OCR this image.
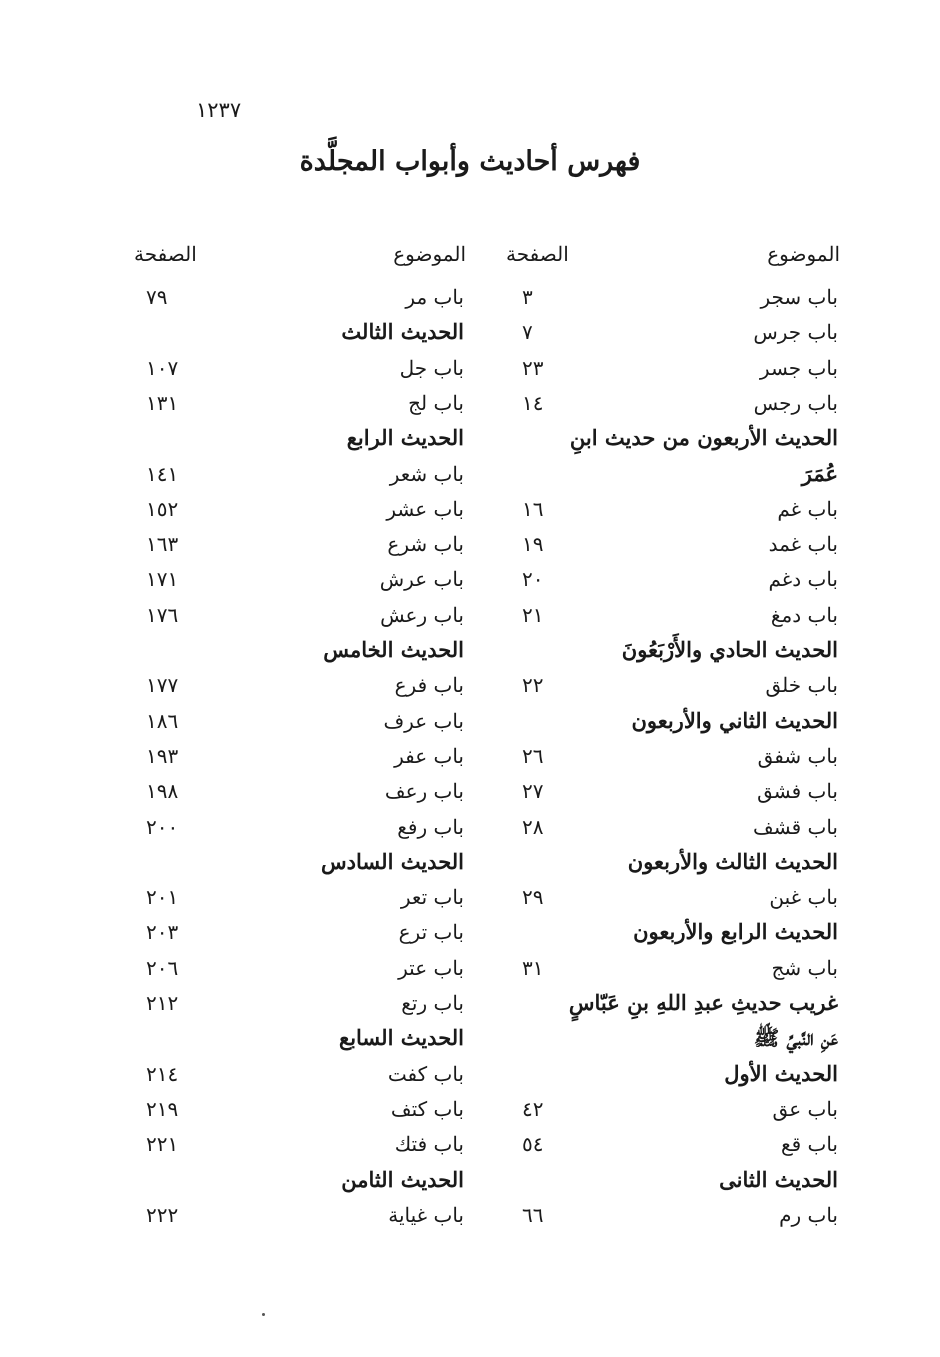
١٢٣٧
فهرس أحاديث وأبواب المجلَّدة
الموضوع
الصفحة
الموضوع
الصفحة
باب سجر
٣
باب جرس
٧
باب جسر
٢٣
باب رجس
١٤
الحديث الأربعون من حديث ابنِ
عُمَرَ
باب غم
١٦
باب غمد
١٩
باب دغم
٢٠
باب دمغ
٢١
الحديث الحادي والأَرْبَعُونَ
باب خلق
٢٢
الحديث الثاني والأربعون
باب شفق
٢٦
باب فشق
٢٧
باب قشف
٢٨
الحديث الثالث والأربعون
باب غبن
٢٩
الحديث الرابع والأربعون
باب شج
٣١
غريب حديثِ عبدِ اللهِ بنِ عَبّاسٍ
عَنِ النَّبيِّ ﷺ
الحديث الأول
باب عق
٤٢
باب قع
٥٤
الحديث الثانى
باب رم
٦٦
باب مر
٧٩
الحديث الثالث
باب جل
١٠٧
باب لج
١٣١
الحديث الرابع
باب شعر
١٤١
باب عشر
١٥٢
باب شرع
١٦٣
باب عرش
١٧١
باب رعش
١٧٦
الحديث الخامس
باب فرع
١٧٧
باب عرف
١٨٦
باب عفر
١٩٣
باب رعف
١٩٨
باب رفع
٢٠٠
الحديث السادس
باب تعر
٢٠١
باب ترع
٢٠٣
باب عتر
٢٠٦
باب رتع
٢١٢
الحديث السابع
باب كفت
٢١٤
باب كتف
٢١٩
باب فتك
٢٢١
الحديث الثامن
باب غياية
٢٢٢
